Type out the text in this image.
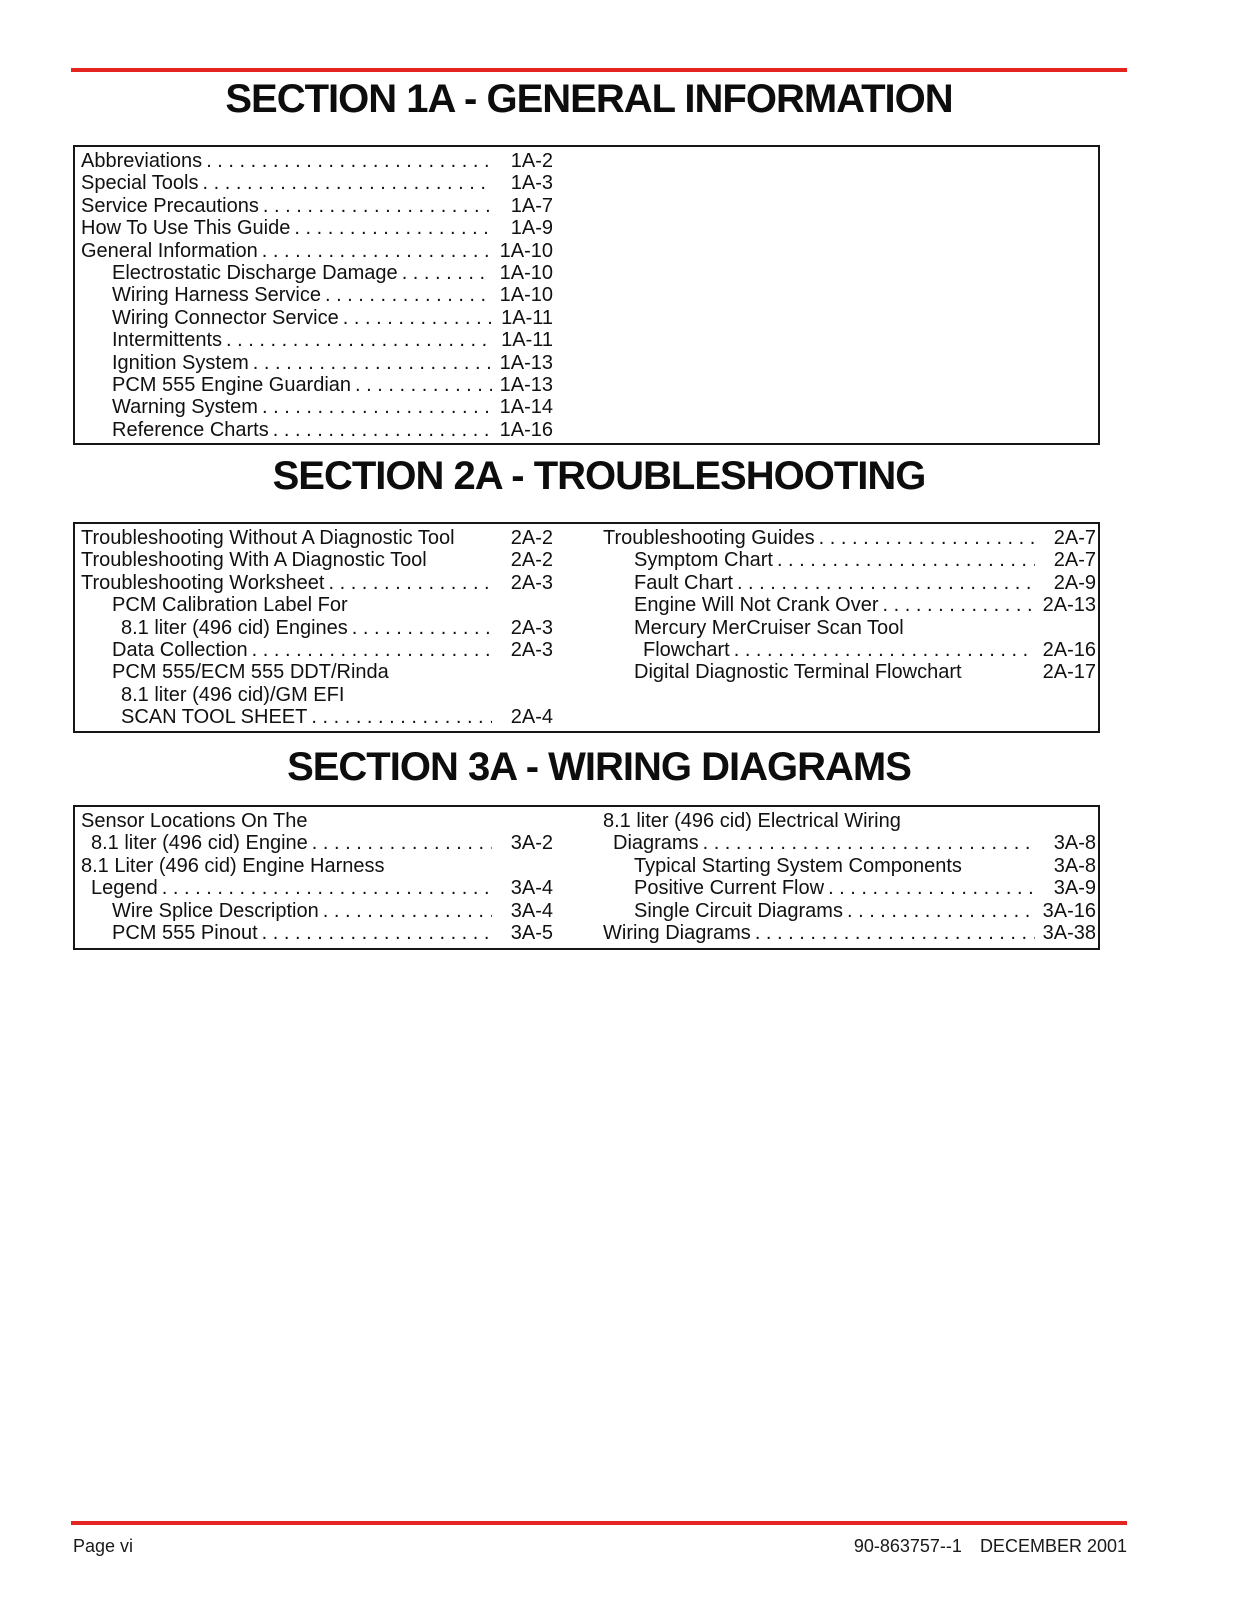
SECTION 1A - GENERAL INFORMATION
Abbreviations . . .	1A-2
Special Tools . . .	1A-3
Service Precautions . . .	1A-7
How To Use This Guide . . .	1A-9
General Information . . .	1A-10
Electrostatic Discharge Damage . . .	1A-10
Wiring Harness Service . . .	1A-10
Wiring Connector Service . . .	1A-11
Intermittents . . .	1A-11
Ignition System . . .	1A-13
PCM 555 Engine Guardian . . .	1A-13
Warning System . . .	1A-14
Reference Charts . . .	1A-16
SECTION 2A - TROUBLESHOOTING
Troubleshooting Without A Diagnostic Tool	2A-2
Troubleshooting With A Diagnostic Tool	2A-2
Troubleshooting Worksheet . . .	2A-3
PCM Calibration Label For
8.1 liter (496 cid) Engines . . .	2A-3
Data Collection . . .	2A-3
PCM 555/ECM 555 DDT/Rinda
8.1 liter (496 cid)/GM EFI
SCAN TOOL SHEET . . .	2A-4
Troubleshooting Guides . . .	2A-7
Symptom Chart . . .	2A-7
Fault Chart . . .	2A-9
Engine Will Not Crank Over . . .	2A-13
Mercury MerCruiser Scan Tool
Flowchart . . .	2A-16
Digital Diagnostic Terminal Flowchart	2A-17
SECTION 3A - WIRING DIAGRAMS
Sensor Locations On The
8.1 liter (496 cid) Engine . . .	3A-2
8.1 Liter (496 cid) Engine Harness
Legend . . .	3A-4
Wire Splice Description . . .	3A-4
PCM 555 Pinout . . .	3A-5
8.1 liter (496 cid) Electrical Wiring
Diagrams . . .	3A-8
Typical Starting System Components	3A-8
Positive Current Flow . . .	3A-9
Single Circuit Diagrams . . .	3A-16
Wiring Diagrams . . .	3A-38
Page vi	90-863757--1 DECEMBER 2001
